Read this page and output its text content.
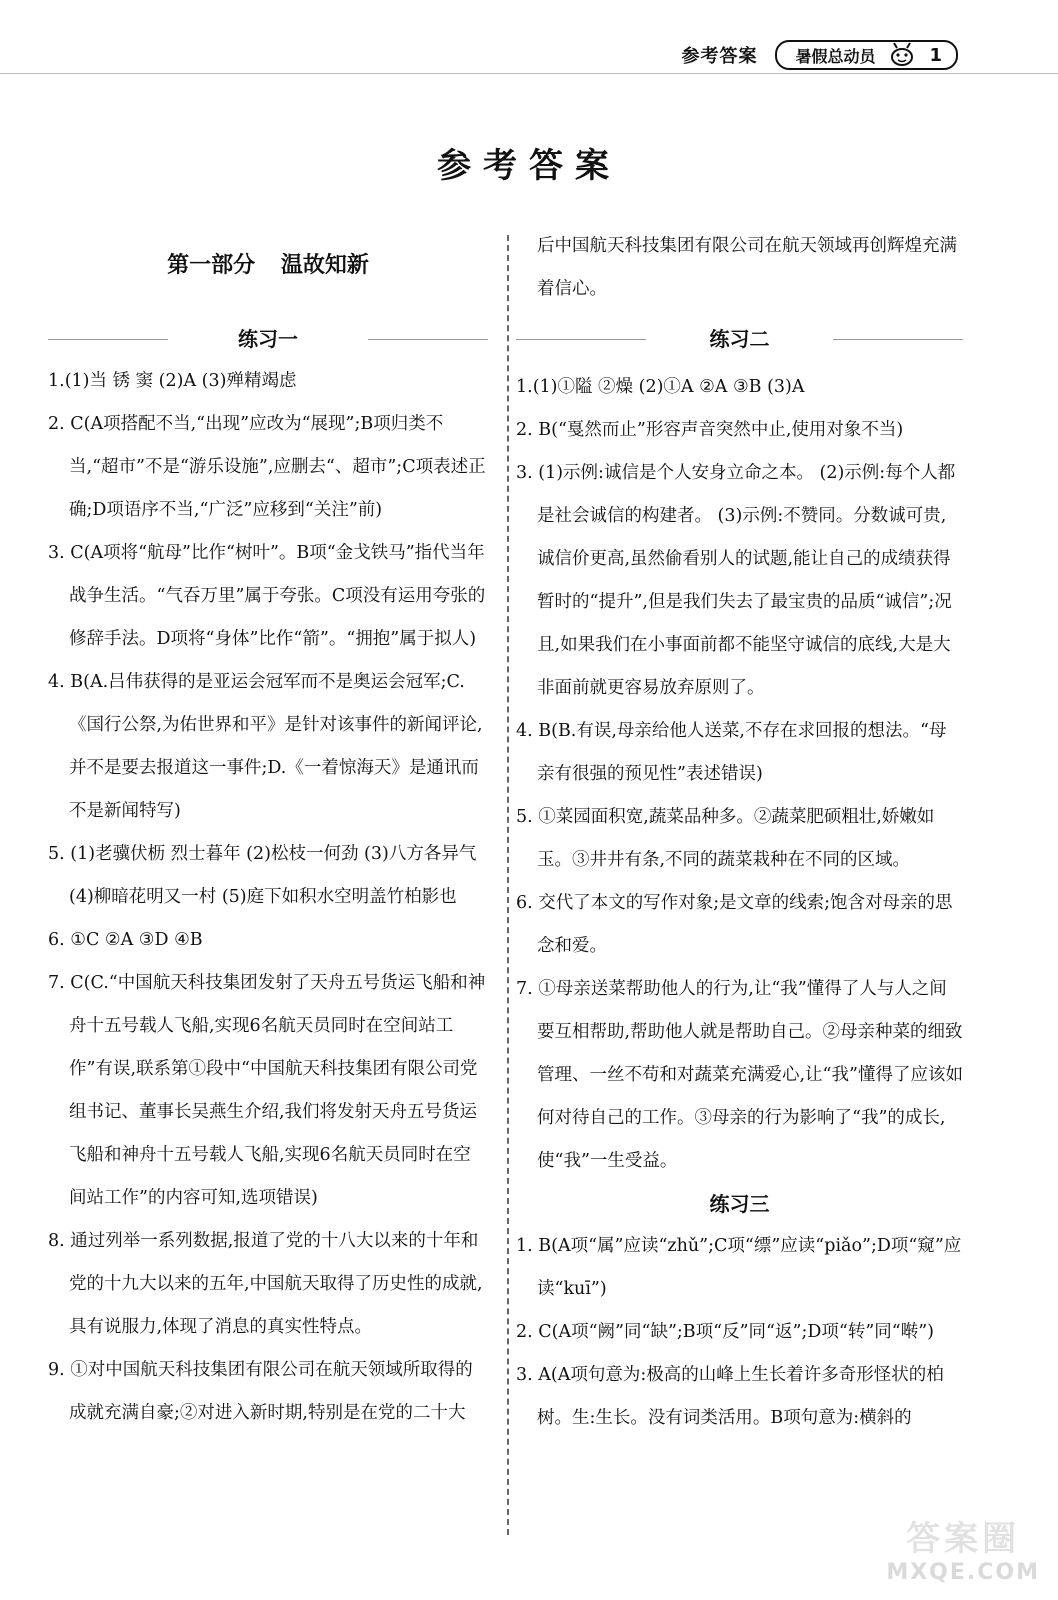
参考答案 暑假总动员	1
参考答案
第一部分 温故知新
后中国航天科技集团有限公司在航天领域再创辉煌充满着信心。
练习一	练习二

1.(1)当 锈 窦 (2)A (3)殚精竭虑

2. C(A项搭配不当,“出现”应改为“展现”;B项归类不当,“超市”不是“游乐设施”,应删去“、超市”;C项表述正确;D项语序不当,“广泛”应移到“关注”前)

3. C(A项将“航母”比作“树叶”。B项“金戈铁马”指代当年战争生活。“气吞万里”属于夸张。C项没有运用夸张的修辞手法。D项将“身体”比作“箭”。“拥抱”属于拟人)

4. B(A.吕伟获得的是亚运会冠军而不是奥运会冠军;C.《国行公祭,为佑世界和平》是针对该事件的新闻评论,并不是要去报道这一事件;D.《一着惊海天》是通讯而不是新闻特写)

5. (1)老骥伏枥 烈士暮年 (2)松枝一何劲 (3)八方各异气 (4)柳暗花明又一村 (5)庭下如积水空明盖竹柏影也

6. ①C ②A ③D ④B

7. C(C.“中国航天科技集团发射了天舟五号货运飞船和神舟十五号载人飞船,实现6名航天员同时在空间站工作”有误,联系第①段中“中国航天科技集团有限公司党组书记、董事长吴燕生介绍,我们将发射天舟五号货运飞船和神舟十五号载人飞船,实现6名航天员同时在空间站工作”的内容可知,选项错误)

8. 通过列举一系列数据,报道了党的十八大以来的十年和党的十九大以来的五年,中国航天取得了历史性的成就,具有说服力,体现了消息的真实性特点。

9. ①对中国航天科技集团有限公司在航天领域所取得的成就充满自豪;②对进入新时期,特别是在党的二十大

1.(1)①隘 ②燥 (2)①A ②A ③B (3)A

2. B(“戛然而止”形容声音突然中止,使用对象不当)

3. (1)示例:诚信是个人安身立命之本。 (2)示例:每个人都是社会诚信的构建者。 (3)示例:不赞同。分数诚可贵,诚信价更高,虽然偷看别人的试题,能让自己的成绩获得暂时的“提升”,但是我们失去了最宝贵的品质“诚信”;况且,如果我们在小事面前都不能坚守诚信的底线,大是大非面前就更容易放弃原则了。

4. B(B.有误,母亲给他人送菜,不存在求回报的想法。“母亲有很强的预见性”表述错误)

5. ①菜园面积宽,蔬菜品种多。②蔬菜肥硕粗壮,娇嫩如玉。③井井有条,不同的蔬菜栽种在不同的区域。

6. 交代了本文的写作对象;是文章的线索;饱含对母亲的思念和爱。

7. ①母亲送菜帮助他人的行为,让“我”懂得了人与人之间要互相帮助,帮助他人就是帮助自己。②母亲种菜的细致管理、一丝不苟和对蔬菜充满爱心,让“我”懂得了应该如何对待自己的工作。③母亲的行为影响了“我”的成长,使“我”一生受益。

练习三

1. B(A项“属”应读“zhǔ”;C项“缥”应读“piǎo”;D项“窥”应读“kuī”)

2. C(A项“阙”同“缺”;B项“反”同“返”;D项“转”同“啭”)

3. A(A项句意为:极高的山峰上生长着许多奇形怪状的柏树。生:生长。没有词类活用。B项句意为:横斜的

答案圈
MXQE.COM
